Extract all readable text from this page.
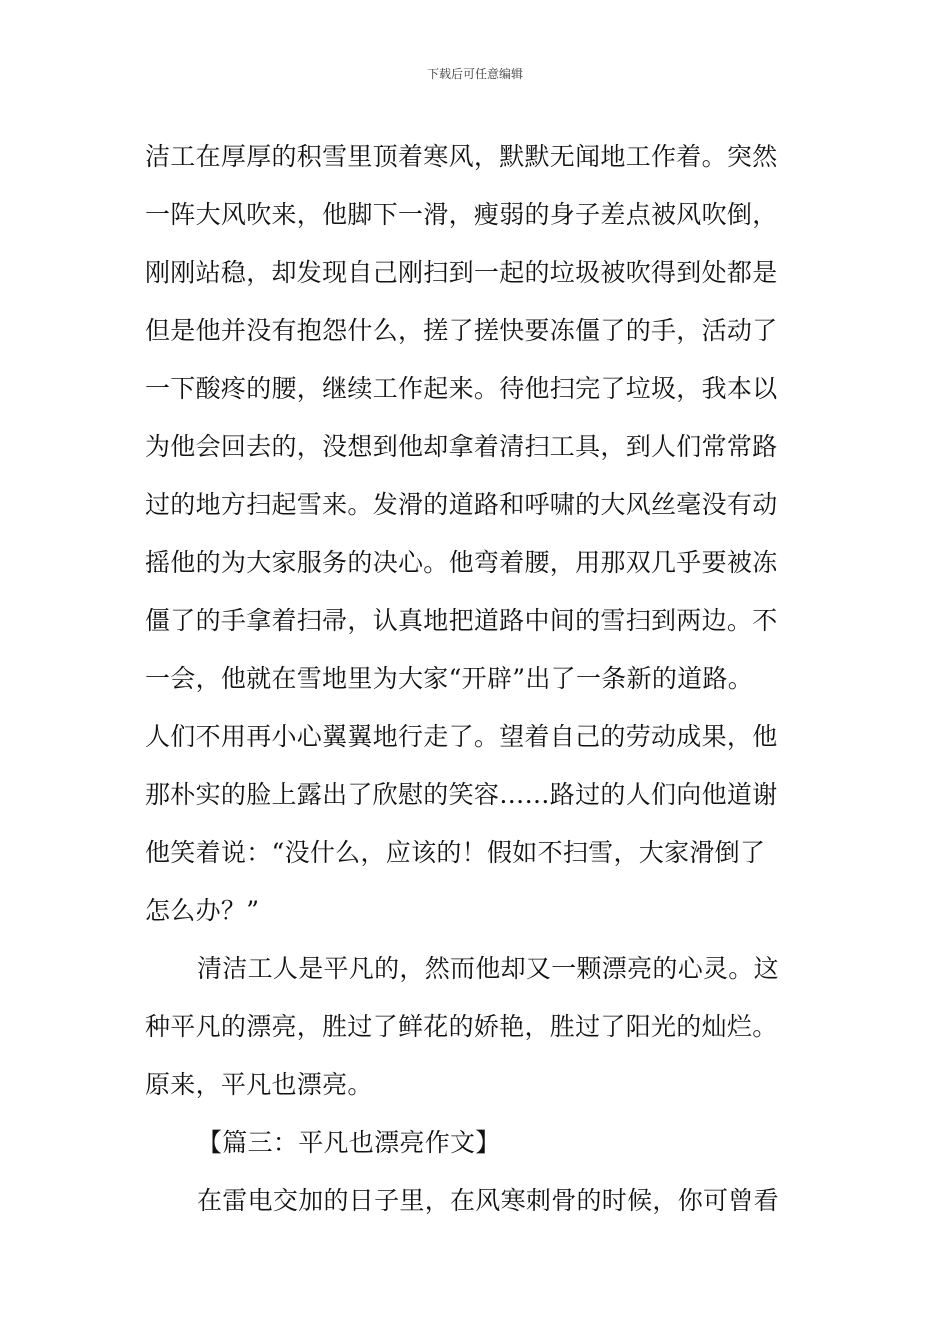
下载后可任意编辑
洁工在厚厚的积雪里顶着寒风，默默无闻地工作着。突然
一阵大风吹来，他脚下一滑，瘦弱的身子差点被风吹倒，
刚刚站稳，却发现自己刚扫到一起的垃圾被吹得到处都是
但是他并没有抱怨什么，搓了搓快要冻僵了的手，活动了
一下酸疼的腰，继续工作起来。待他扫完了垃圾，我本以
为他会回去的，没想到他却拿着清扫工具，到人们常常路
过的地方扫起雪来。发滑的道路和呼啸的大风丝毫没有动
摇他的为大家服务的决心。他弯着腰，用那双几乎要被冻
僵了的手拿着扫帚，认真地把道路中间的雪扫到两边。不
一会，他就在雪地里为大家“开辟”出了一条新的道路。
人们不用再小心翼翼地行走了。望着自己的劳动成果，他
那朴实的脸上露出了欣慰的笑容……路过的人们向他道谢
他笑着说：“没什么，应该的！假如不扫雪，大家滑倒了
怎么办？”
清洁工人是平凡的，然而他却又一颗漂亮的心灵。这
种平凡的漂亮，胜过了鲜花的娇艳，胜过了阳光的灿烂。
原来，平凡也漂亮。
【篇三：平凡也漂亮作文】
在雷电交加的日子里，在风寒刺骨的时候，你可曾看
